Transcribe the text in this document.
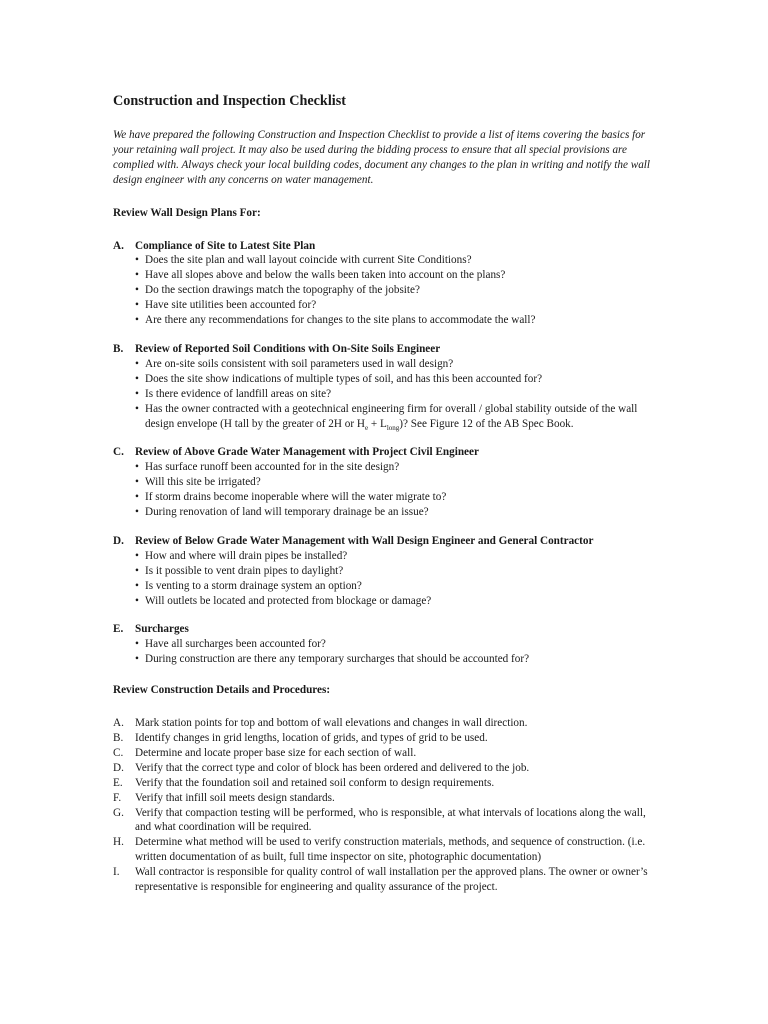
Construction and Inspection Checklist

We have prepared the following Construction and Inspection Checklist to provide a list of items covering the basics for your retaining wall project. It may also be used during the bidding process to ensure that all special provisions are complied with. Always check your local building codes, document any changes to the plan in writing and notify the wall design engineer with any concerns on water management.

Review Wall Design Plans For:
A. Compliance of Site to Latest Site Plan
• Does the site plan and wall layout coincide with current Site Conditions?
• Have all slopes above and below the walls been taken into account on the plans?
• Do the section drawings match the topography of the jobsite?
• Have site utilities been accounted for?
• Are there any recommendations for changes to the site plans to accommodate the wall?
B.	Review of Reported Soil Conditions with On-Site Soils Engineer
• Are on-site soils consistent with soil parameters used in wall design?
• Does the site show indications of multiple types of soil, and has this been accounted for?
• Is there evidence of landfill areas on site?
• Has the owner contracted with a geotechnical engineering firm for overall / global stability outside of the wall design envelope (H tall by the greater of 2H or $H_e + L_{long}$)? See Figure 12 of the AB Spec Book.
C. Review of Above Grade Water Management with Project Civil Engineer
• Has surface runoff been accounted for in the site design?
• Will this site be irrigated?
• If storm drains become inoperable where will the water migrate to?
• During renovation of land will temporary drainage be an issue?
D. Review of Below Grade Water Management with Wall Design Engineer and General Contractor
• How and where will drain pipes be installed?
• Is it possible to vent drain pipes to daylight?
• Is venting to a storm drainage system an option?
• Will outlets be located and protected from blockage or damage?
E.	Surcharges
• Have all surcharges been accounted for?
• During construction are there any temporary surcharges that should be accounted for?
Review Construction Details and Procedures:
A. Mark station points for top and bottom of wall elevations and changes in wall direction.
B.	Identify changes in grid lengths, location of grids, and types of grid to be used.
C.	Determine and locate proper base size for each section of wall.
D. Verify that the correct type and color of block has been ordered and delivered to the job.
E.	Verify that the foundation soil and retained soil conform to design requirements.
F.	Verify that infill soil meets design standards.
G. Verify that compaction testing will be performed, who is responsible, at what intervals of locations along the wall, and what coordination will be required.
H. Determine what method will be used to verify construction materials, methods, and sequence of construction. (i.e. written documentation of as built, full time inspector on site, photographic documentation)
I.	Wall contractor is responsible for quality control of wall installation per the approved plans. The owner or owner’s representative is responsible for engineering and quality assurance of the project.
